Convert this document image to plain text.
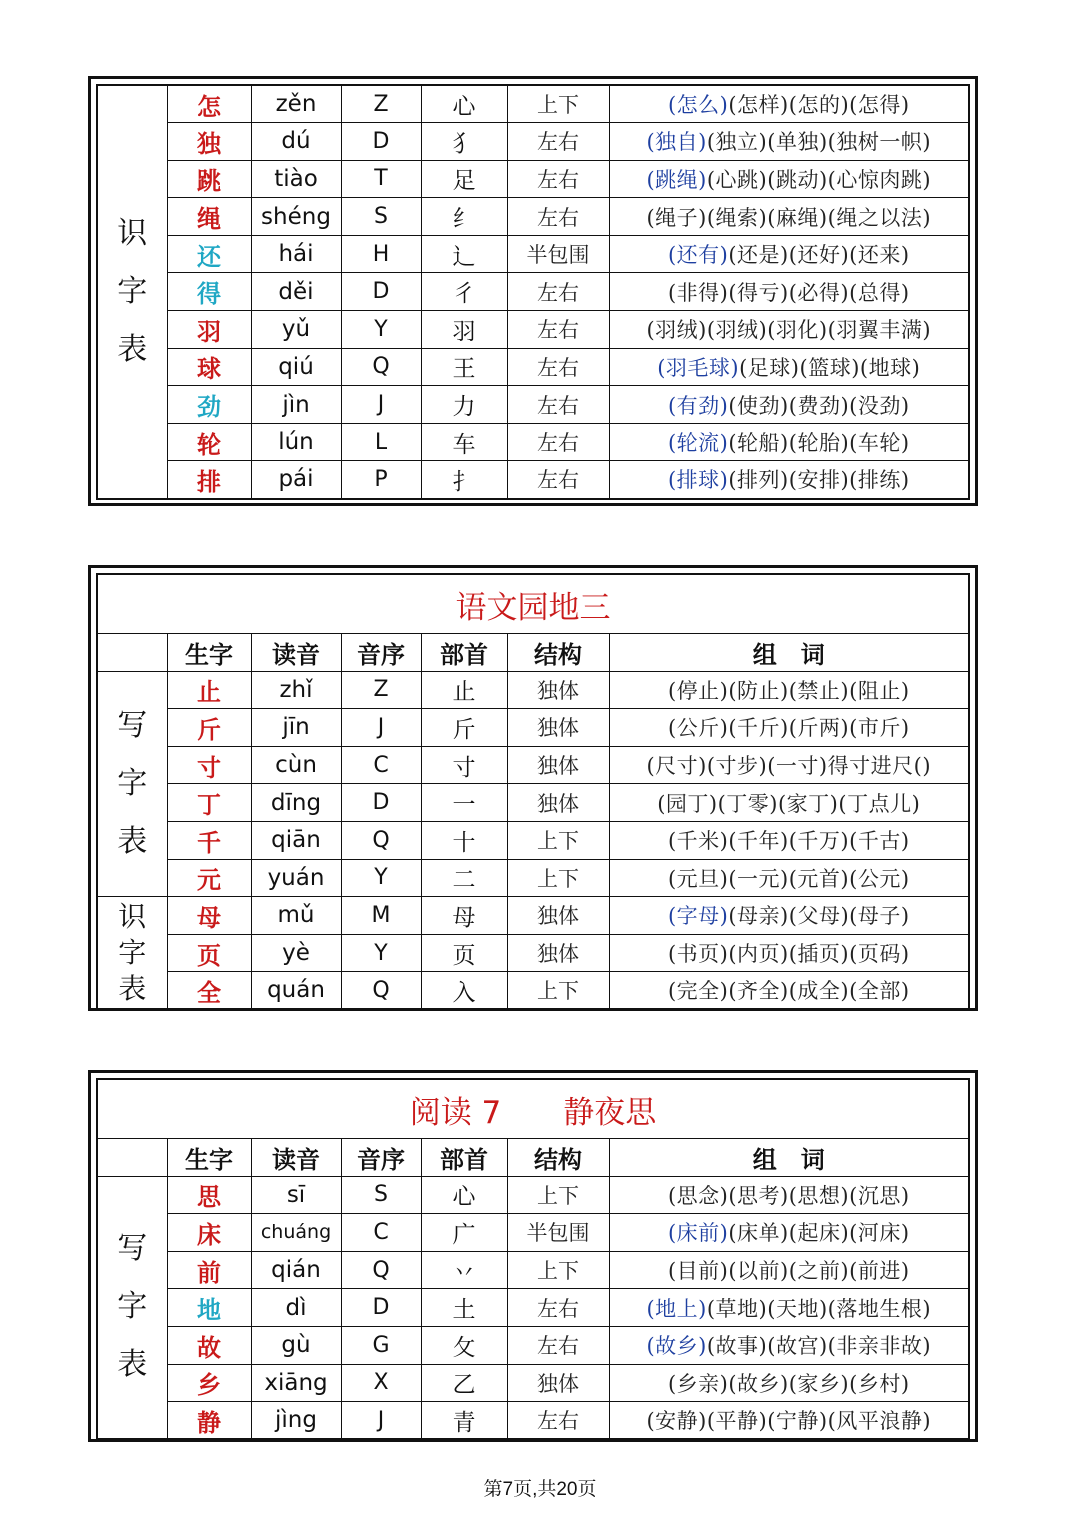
识字表	怎	zěn	Z	心	上下	(怎么)(怎样)(怎的)(怎得)
	独	dú	D	犭	左右	(独自)(独立)(单独)(独树一帜)
	跳	tiào	T	足	左右	(跳绳)(心跳)(跳动)(心惊肉跳)
	绳	shéng	S	纟	左右	(绳子)(绳索)(麻绳)(绳之以法)
	还	hái	H	辶	半包围	(还有)(还是)(还好)(还来)
	得	děi	D	彳	左右	(非得)(得亏)(必得)(总得)
	羽	yǔ	Y	羽	左右	(羽绒)(羽绒)(羽化)(羽翼丰满)
	球	qiú	Q	王	左右	(羽毛球)(足球)(篮球)(地球)
	劲	jìn	J	力	左右	(有劲)(使劲)(费劲)(没劲)
	轮	lún	L	车	左右	(轮流)(轮船)(轮胎)(车轮)
	排	pái	P	扌	左右	(排球)(排列)(安排)(排练)
语文园地三						
	生字	读音	音序	部首	结构	组　词

写字表	止	zhǐ	Z	止	独体	(停止)(防止)(禁止)(阻止)
	斤	jīn	J	斤	独体	(公斤)(千斤)(斤两)(市斤)
	寸	cùn	C	寸	独体	(尺寸)(寸步)(一寸)得寸进尺()
	丁	dīng	D	一	独体	(园丁)(丁零)(家丁)(丁点儿)
	千	qiān	Q	十	上下	(千米)(千年)(千万)(千古)
	元	yuán	Y	二	上下	(元旦)(一元)(元首)(公元)

识字表	母	mǔ	M	母	独体	(字母)(母亲)(父母)(母子)
	页	yè	Y	页	独体	(书页)(内页)(插页)(页码)
	全	quán	Q	入	上下	(完全)(齐全)(成全)(全部)
阅读 7　　静夜思						
	生字	读音	音序	部首	结构	组　词

写字表	思	sī	S	心	上下	(思念)(思考)(思想)(沉思)
	床	chuáng	C	广	半包围	(床前)(床单)(起床)(河床)
	前	qián	Q	丷	上下	(目前)(以前)(之前)(前进)
	地	dì	D	土	左右	(地上)(草地)(天地)(落地生根)
	故	gù	G	攵	左右	(故乡)(故事)(故宫)(非亲非故)
	乡	xiāng	X	乙	独体	(乡亲)(故乡)(家乡)(乡村)
	静	jìng	J	青	左右	(安静)(平静)(宁静)(风平浪静)
第7页,共20页
